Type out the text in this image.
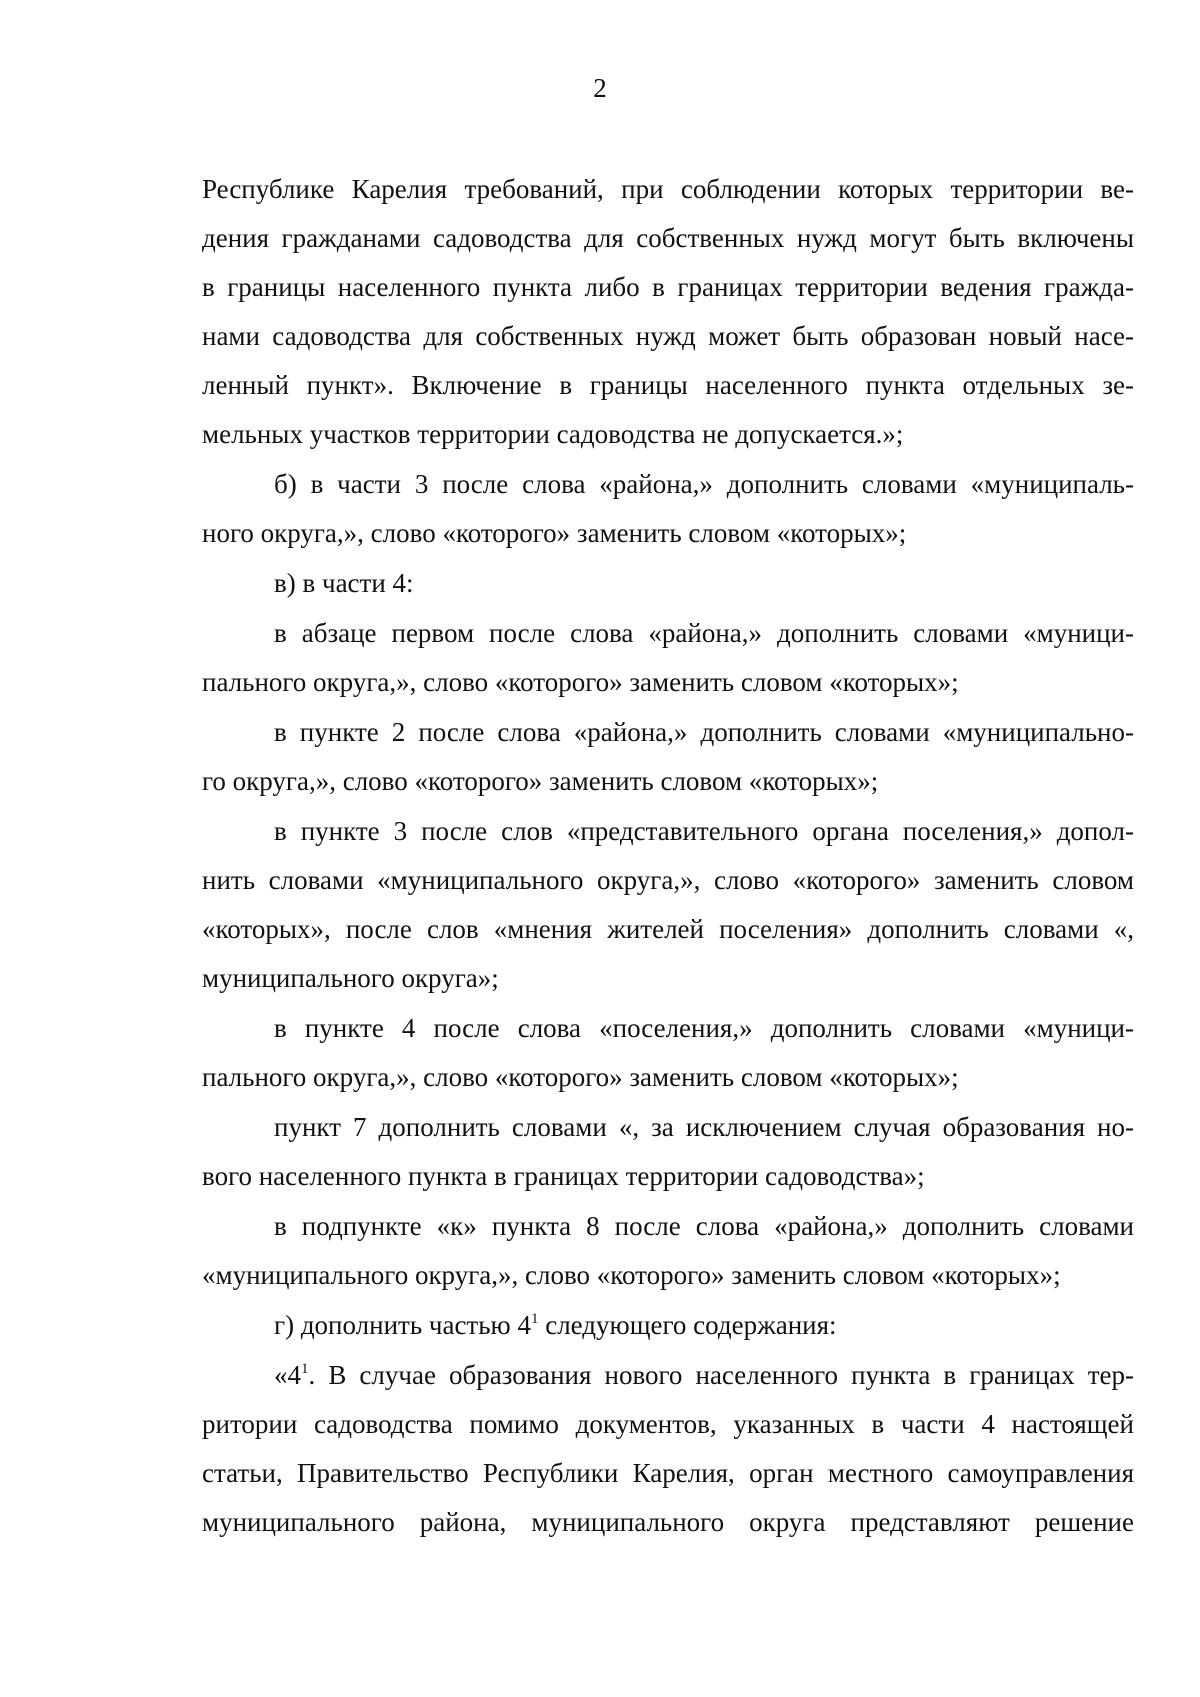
2
Республике Карелия требований, при соблюдении которых территории ве-
дения гражданами садоводства для собственных нужд могут быть включены
в границы населенного пункта либо в границах территории ведения гражда-
нами садоводства для собственных нужд может быть образован новый насе-
ленный пункт». Включение в границы населенного пункта отдельных зе-
мельных участков территории садоводства не допускается.»;
б) в части 3 после слова «района,» дополнить словами «муниципаль-
ного округа,», слово «которого» заменить словом «которых»;
в) в части 4:
в абзаце первом после слова «района,» дополнить словами «муници-
пального округа,», слово «которого» заменить словом «которых»;
в пункте 2 после слова «района,» дополнить словами «муниципально-
го округа,», слово «которого» заменить словом «которых»;
в пункте 3 после слов «представительного органа поселения,» допол-
нить словами «муниципального округа,», слово «которого» заменить словом
«которых», после слов «мнения жителей поселения» дополнить словами «,
муниципального округа»;
в пункте 4 после слова «поселения,» дополнить словами «муници-
пального округа,», слово «которого» заменить словом «которых»;
пункт 7 дополнить словами «, за исключением случая образования но-
вого населенного пункта в границах территории садоводства»;
в подпункте «к» пункта 8 после слова «района,» дополнить словами
«муниципального округа,», слово «которого» заменить словом «которых»;
г) дополнить частью $4^1$ следующего содержания:
«$4^1$. В случае образования нового населенного пункта в границах тер-
ритории садоводства помимо документов, указанных в части 4 настоящей
статьи, Правительство Республики Карелия, орган местного самоуправления
муниципального района, муниципального округа представляют решение
